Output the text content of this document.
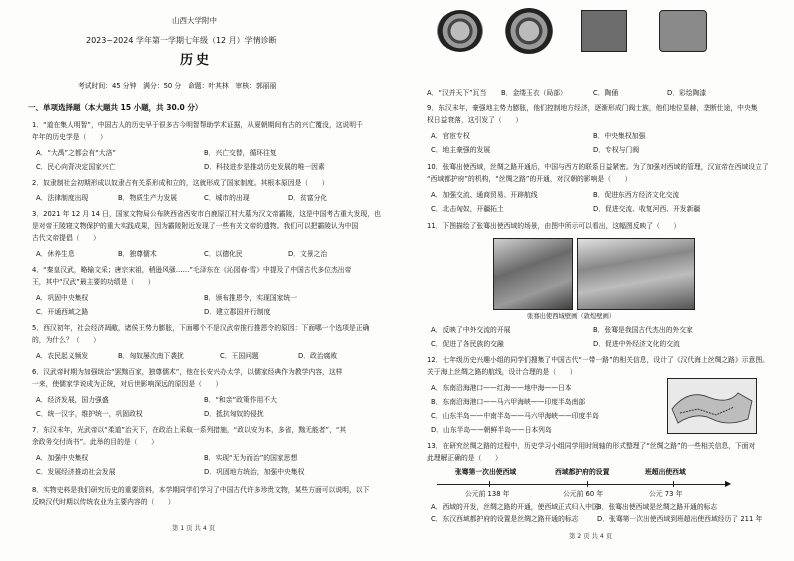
山西大学附中
2023~2024 学年第一学期七年级（12 月）学情诊断
历史
考试时间：45 分钟　满分：50 分　命题：叶其林　审核：郭丽丽
一、单项选择题（本大题共 15 小题，共 30.0 分）
1．“道在集人明智”，中国古人的历史早于很多古今明智帮助学术证据，从夏朝期间有古的兴亡覆没，这说明千
年年的历史学是（　　）
A．“大禹”之都会有“大洛”	B．兴亡交替，循环往复
C．民心向背决定国家兴亡	D．科技进步是推动历史发展的唯一因素
2．奴隶制社会初期形成以奴隶占有关系形成和立的，这就形成了国家制度。其根本原因是（　　）
A．法律制度出现	B．物质生产力发展	C．城市的出现	D．贫富分化
3．2021 年 12 月 14 日，国家文物局公布陕西省西安市白鹿原江村大墓为汉文帝霸陵，这是中国考古重大发现，也
是对帝王陵寝文物保护的重大实践成果，因为霸陵附近发现了一些有关文帝的遗物。我们可以把霸陵认为中国
古代文帝提倡（　　）
A．休养生息	B．独尊儒术	C．以德化民	D．文景之治
4．“秦皇汉武，略输文采；唐宗宋祖，稍逊风骚……”毛泽东在《沁园春·雪》中提及了中国古代多位杰出帝
王，其中“汉武”最主要的功绩是（　　）
A．巩固中央集权	B．颁布推恩令，实现国家统一
C．开通西域之路	D．建立郡国并行制度
5．西汉初年，社会经济凋敝，诸侯王势力膨胀，下面哪个不是汉武帝推行推恩令的原因：下面哪一个选项是正确
的，为什么？（　　）
A．农民起义频发	B．匈奴屡次南下袭扰	C．王国问题	D．政治腐败
6．汉武帝时期为加强统治“罢黜百家，独尊儒术”，他在长安兴办太学，以儒家经典作为教学内容，这样
一来，使儒家学说成为正统，对后世影响深远的原因是（　　）
A．经济发展，国力强盛	B．“和亲”政策作用不大
C．统一汉字，维护统一，巩固政权	D．抵抗匈奴的侵扰
7．东汉末年，光武帝以“柔道”治天下，在政治上采取一系列措施，“政以安为本，多省，黜无能者”，“其
余政务交付尚书”。此举的目的是（　　）
A．加强中央集权	B．实现“无为而治”的国家思想
C．发展经济推动社会发展	D．巩固地方统治，加强中央集权
8．实物史料是我们研究历史的重要资料，本学期同学们学习了中国古代许多珍贵文物，某些方面可以说明，以下
反映汉代时期以传统农业为主要内容的（　　）
第 1 页 共 4 页
A．“汉并天下”瓦当 B．金缕玉衣（局部）	C．陶俑	D．彩绘陶漆
9．东汉末年，豪强地主势力膨胀，他们控制地方经济，逐渐形成门阀士族，他们地位显赫，垄断仕途，中央集
权日益衰落，这引发了（　　）
A．官宦专权	B．中央集权加强
C．地主豪强的发展	D．专权与门阀
10．张骞出使西域，丝绸之路开通后，中国与西方的联系日益紧密。为了加强对西域的管理，汉宣帝在西域设立了
“西域都护府”的机构，“丝绸之路”的开通，对汉朝的影响是（　　）
A．加强交流、通商贸易、开辟航线	B．促进东西方经济文化交流
C．北击匈奴，开疆拓土	D．促进交流、收复河西、开发新疆
11．下图描绘了张骞出使西域的场景，由图中所示可以看出，这幅图反映了（　　）
张骞出使西域壁画（敦煌壁画）
A．反映了中外交流的开展	B．张骞是我国古代杰出的外交家
C．促进了各民族的交融	D．促进中外经济文化的交流
12．七年级历史兴趣小组的同学们搜集了中国古代“一带一路”的相关信息，设计了《汉代海上丝绸之路》示意图。
关于海上丝绸之路的航线，设计合理的是（　　）
A．东南沿海港口——红海——地中海——日本
B．东南沿海港口——马六甲海峡——印度半岛南部
C．山东半岛——中南半岛——马六甲海峡——印度半岛
D．山东半岛——朝鲜半岛——日本列岛
13．在研究丝绸之路的过程中，历史学习小组同学用时间轴的形式整理了“丝绸之路”的一些相关信息，下面对
此理解正确的是（　　）
张骞第一次出使西域	西域都护府的设置	班超出使西域
▶
公元前 138 年	公元前 60 年	公元 73 年
A．西域的开发，丝绸之路的开通，使西域正式归入中国
B．张骞出使西域是丝绸之路开通的标志
C．东汉西域都护府的设置是丝绸之路开通的标志	D．张骞第一次出使西域到班超出使西域经历了 211 年
第 2 页 共 4 页
